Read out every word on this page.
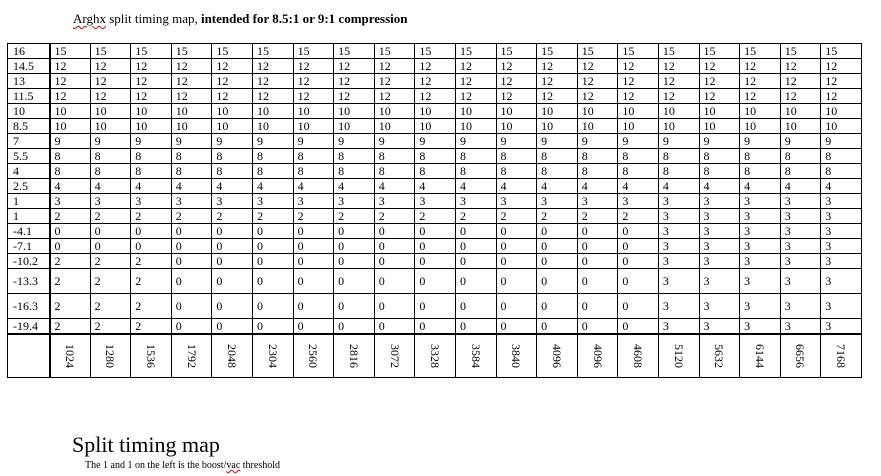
Arghx split timing map, intended for 8.5:1 or 9:1 compression
16	15	15	15	15	15	15	15	15	15	15	15	15	15	15	15	15	15	15	15	15
14.5	12	12	12	12	12	12	12	12	12	12	12	12	12	12	12	12	12	12	12	12
13	12	12	12	12	12	12	12	12	12	12	12	12	12	12	12	12	12	12	12	12
11.5	12	12	12	12	12	12	12	12	12	12	12	12	12	12	12	12	12	12	12	12
10	10	10	10	10	10	10	10	10	10	10	10	10	10	10	10	10	10	10	10	10
8.5	10	10	10	10	10	10	10	10	10	10	10	10	10	10	10	10	10	10	10	10
7	9	9	9	9	9	9	9	9	9	9	9	9	9	9	9	9	9	9	9	9
5.5	8	8	8	8	8	8	8	8	8	8	8	8	8	8	8	8	8	8	8	8
4	8	8	8	8	8	8	8	8	8	8	8	8	8	8	8	8	8	8	8	8
2.5	4	4	4	4	4	4	4	4	4	4	4	4	4	4	4	4	4	4	4	4
1	3	3	3	3	3	3	3	3	3	3	3	3	3	3	3	3	3	3	3	3
1	2	2	2	2	2	2	2	2	2	2	2	2	2	2	2	3	3	3	3	3
-4.1	0	0	0	0	0	0	0	0	0	0	0	0	0	0	0	3	3	3	3	3
-7.1	0	0	0	0	0	0	0	0	0	0	0	0	0	0	0	3	3	3	3	3
-10.2	2	2	2	0	0	0	0	0	0	0	0	0	0	0	0	3	3	3	3	3
-13.3	2	2	2	0	0	0	0	0	0	0	0	0	0	0	0	3	3	3	3	3
-16.3	2	2	2	0	0	0	0	0	0	0	0	0	0	0	0	3	3	3	3	3
-19.4	2	2	2	0	0	0	0	0	0	0	0	0	0	0	0	3	3	3	3	3

	1024	1280	1536	1792	2048	2304	2560	2816	3072	3328	3584	3840	4096	4096	4608	5120	5632	6144	6656	7168
Split timing map
The 1 and 1 on the left is the boost/vac threshold
